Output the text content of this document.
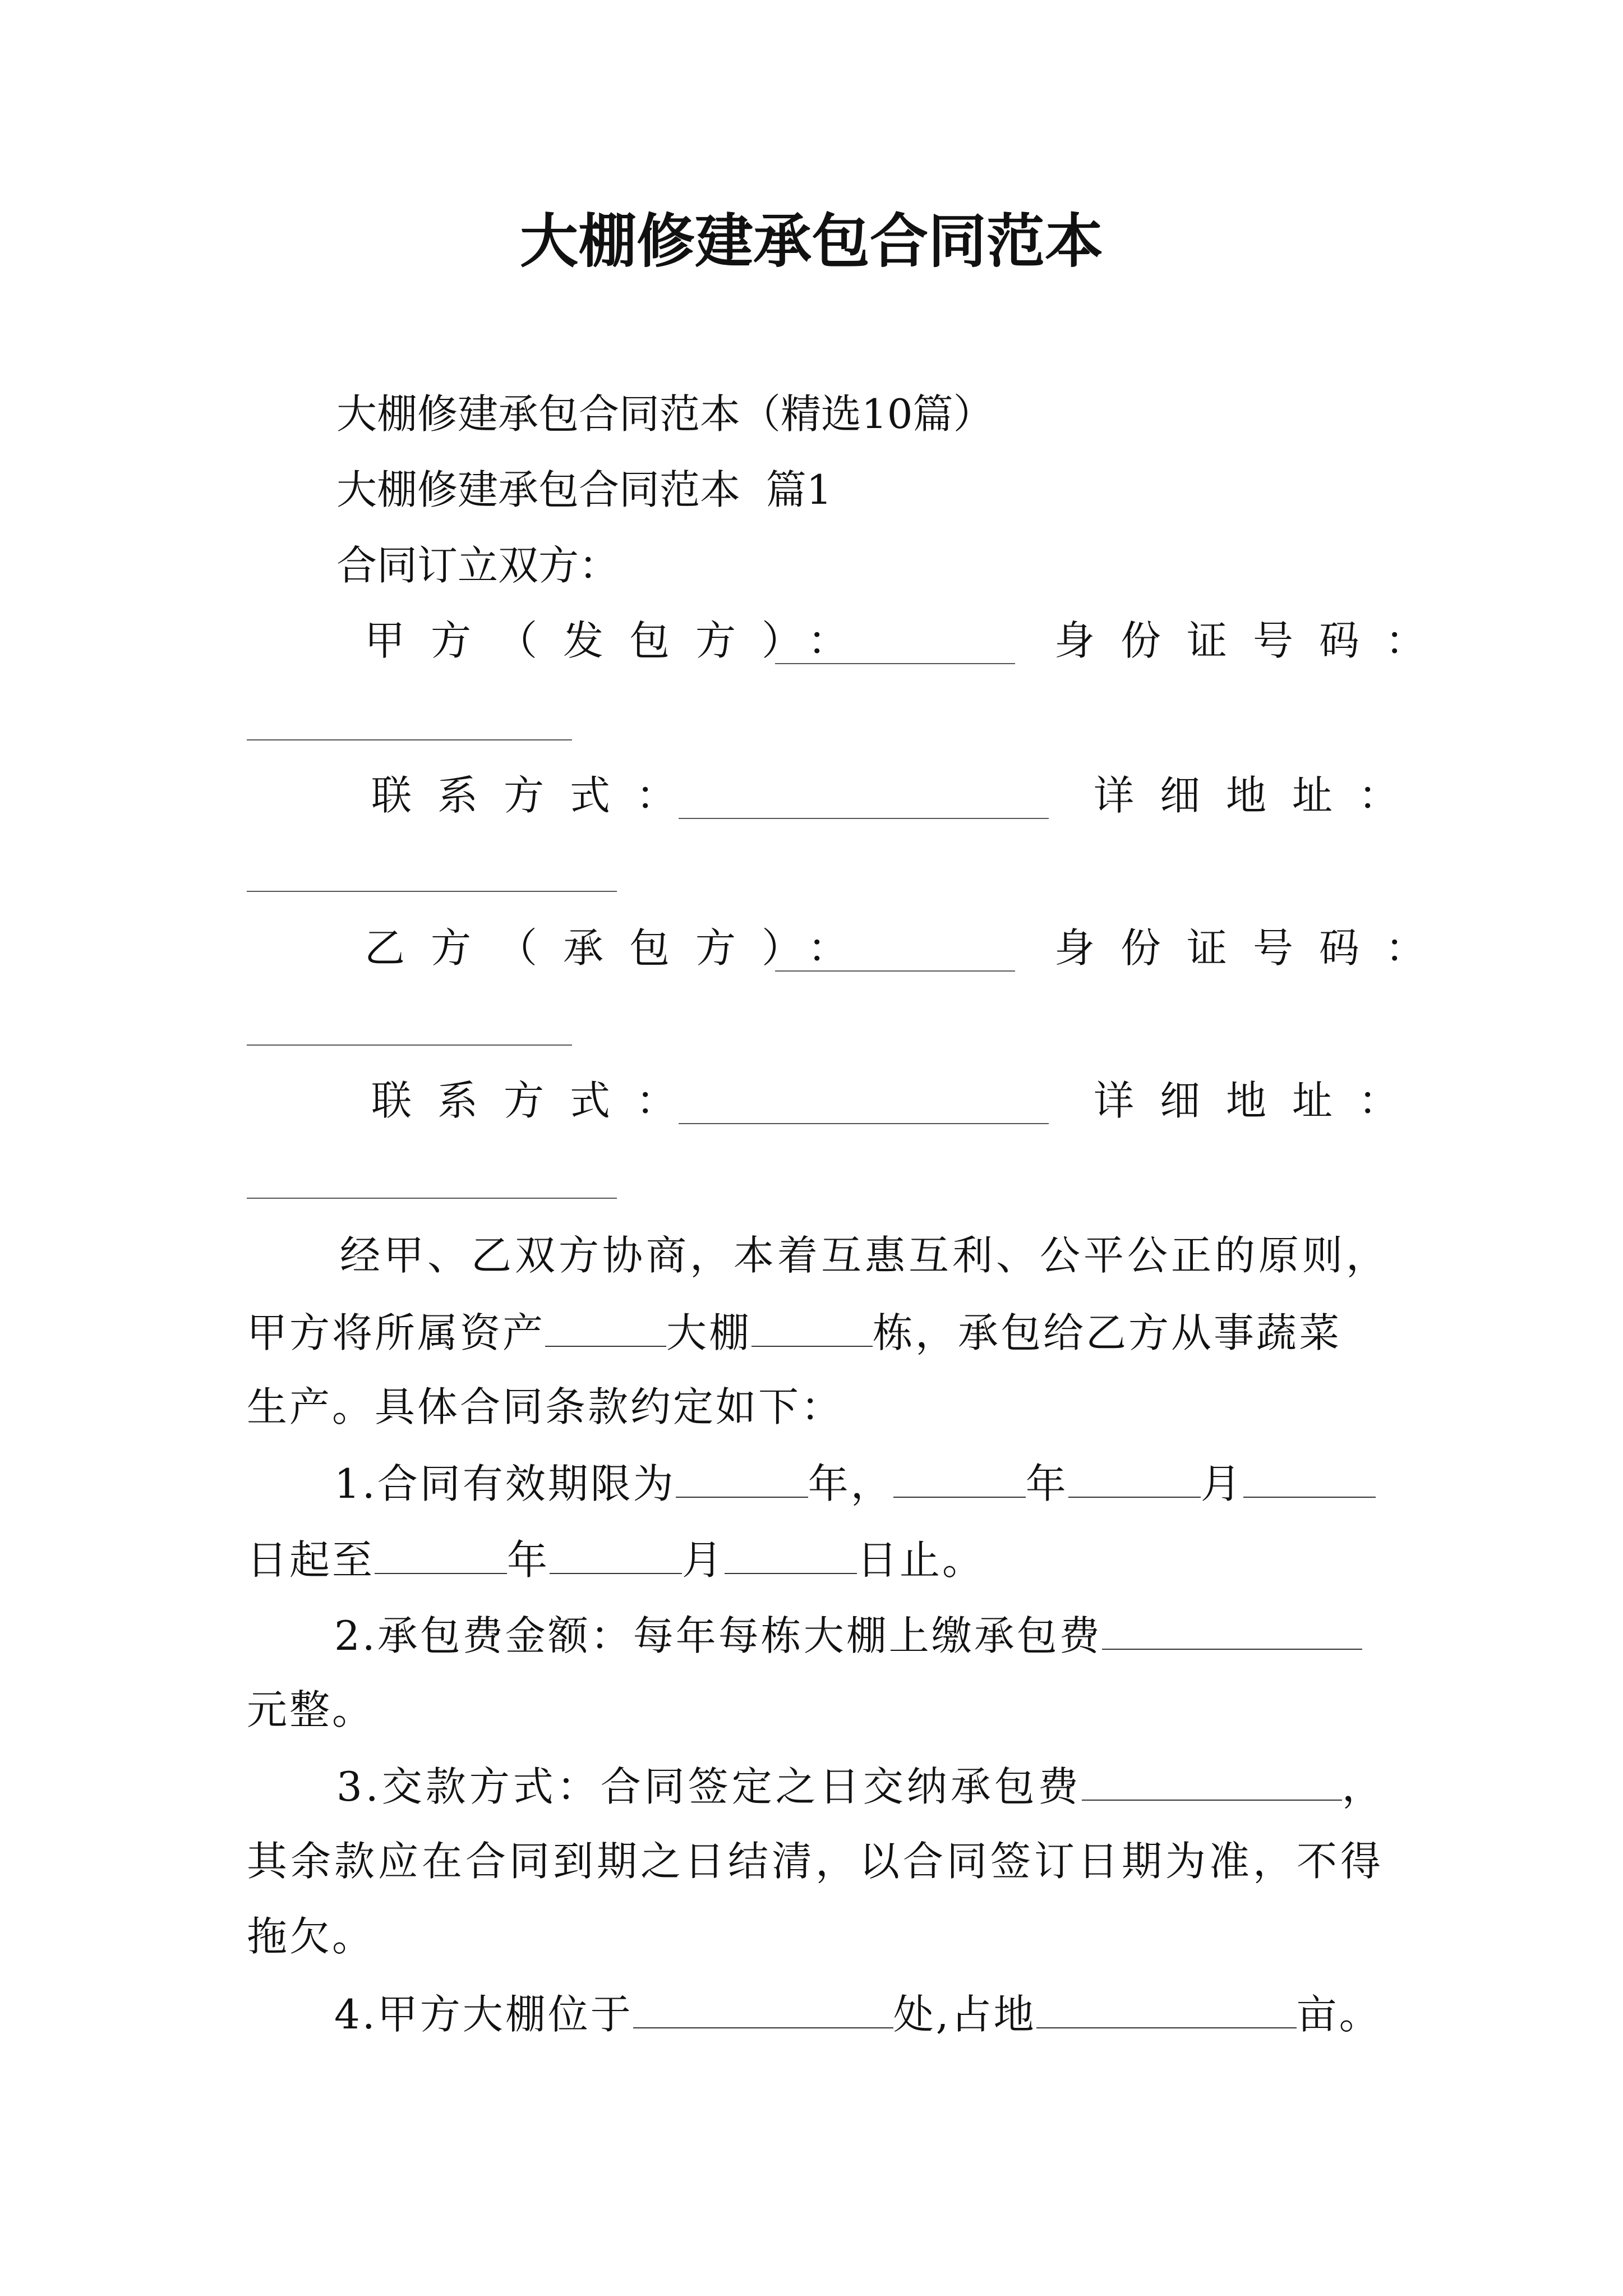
大棚修建承包合同范本
大棚修建承包合同范本（精选10篇）
大棚修建承包合同范本  篇1
合同订立双方：
甲方（发包方）：	身份证号码：
联系方式：	详细地址：
乙方（承包方）：	身份证号码：
联系方式：	详细地址：
经甲、乙双方协商，本着互惠互利、公平公正的原则，
甲方将所属资产	大棚	栋，承包给乙方从事蔬菜
生产。具体合同条款约定如下：
1.合同有效期限为	年，	年	月
日起至	年	月	日止。
2.承包费金额：每年每栋大棚上缴承包费
元整。
3.交款方式：合同签定之日交纳承包费	，
其余款应在合同到期之日结清，以合同签订日期为准，不得
拖欠。
4.甲方大棚位于	处,占地	亩。
